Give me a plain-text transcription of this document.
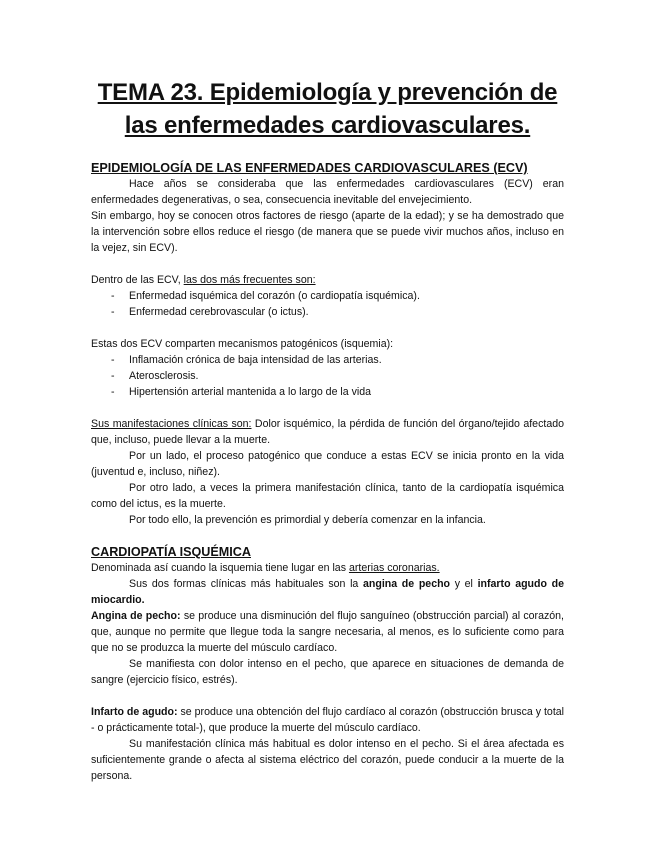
TEMA 23. Epidemiología y prevención de las enfermedades cardiovasculares.
EPIDEMIOLOGÍA DE LAS ENFERMEDADES CARDIOVASCULARES (ECV)

Hace años se consideraba que las enfermedades cardiovasculares (ECV) eran enfermedades degenerativas, o sea, consecuencia inevitable del envejecimiento.

Sin embargo, hoy se conocen otros factores de riesgo (aparte de la edad); y se ha demostrado que la intervención sobre ellos reduce el riesgo (de manera que se puede vivir muchos años, incluso en la vejez, sin ECV).

Dentro de las ECV, las dos más frecuentes son:

- Enfermedad isquémica del corazón (o cardiopatía isquémica).
- Enfermedad cerebrovascular (o ictus).

Estas dos ECV comparten mecanismos patogénicos (isquemia):

- Inflamación crónica de baja intensidad de las arterias.
- Aterosclerosis.
- Hipertensión arterial mantenida a lo largo de la vida

Sus manifestaciones clínicas son: Dolor isquémico, la pérdida de función del órgano/tejido afectado que, incluso, puede llevar a la muerte.

Por un lado, el proceso patogénico que conduce a estas ECV se inicia pronto en la vida (juventud e, incluso, niñez).

Por otro lado, a veces la primera manifestación clínica, tanto de la cardiopatía isquémica como del ictus, es la muerte.

Por todo ello, la prevención es primordial y debería comenzar en la infancia.

CARDIOPATÍA ISQUÉMICA

Denominada así cuando la isquemia tiene lugar en las arterias coronarias.

Sus dos formas clínicas más habituales son la angina de pecho y el infarto agudo de miocardio.

Angina de pecho: se produce una disminución del flujo sanguíneo (obstrucción parcial) al corazón, que, aunque no permite que llegue toda la sangre necesaria, al menos, es lo suficiente como para que no se produzca la muerte del músculo cardíaco.

Se manifiesta con dolor intenso en el pecho, que aparece en situaciones de demanda de sangre (ejercicio físico, estrés).

Infarto de agudo: se produce una obtención del flujo cardíaco al corazón (obstrucción brusca y total - o prácticamente total-), que produce la muerte del músculo cardíaco.

Su manifestación clínica más habitual es dolor intenso en el pecho. Si el área afectada es suficientemente grande o afecta al sistema eléctrico del corazón, puede conducir a la muerte de la persona.
